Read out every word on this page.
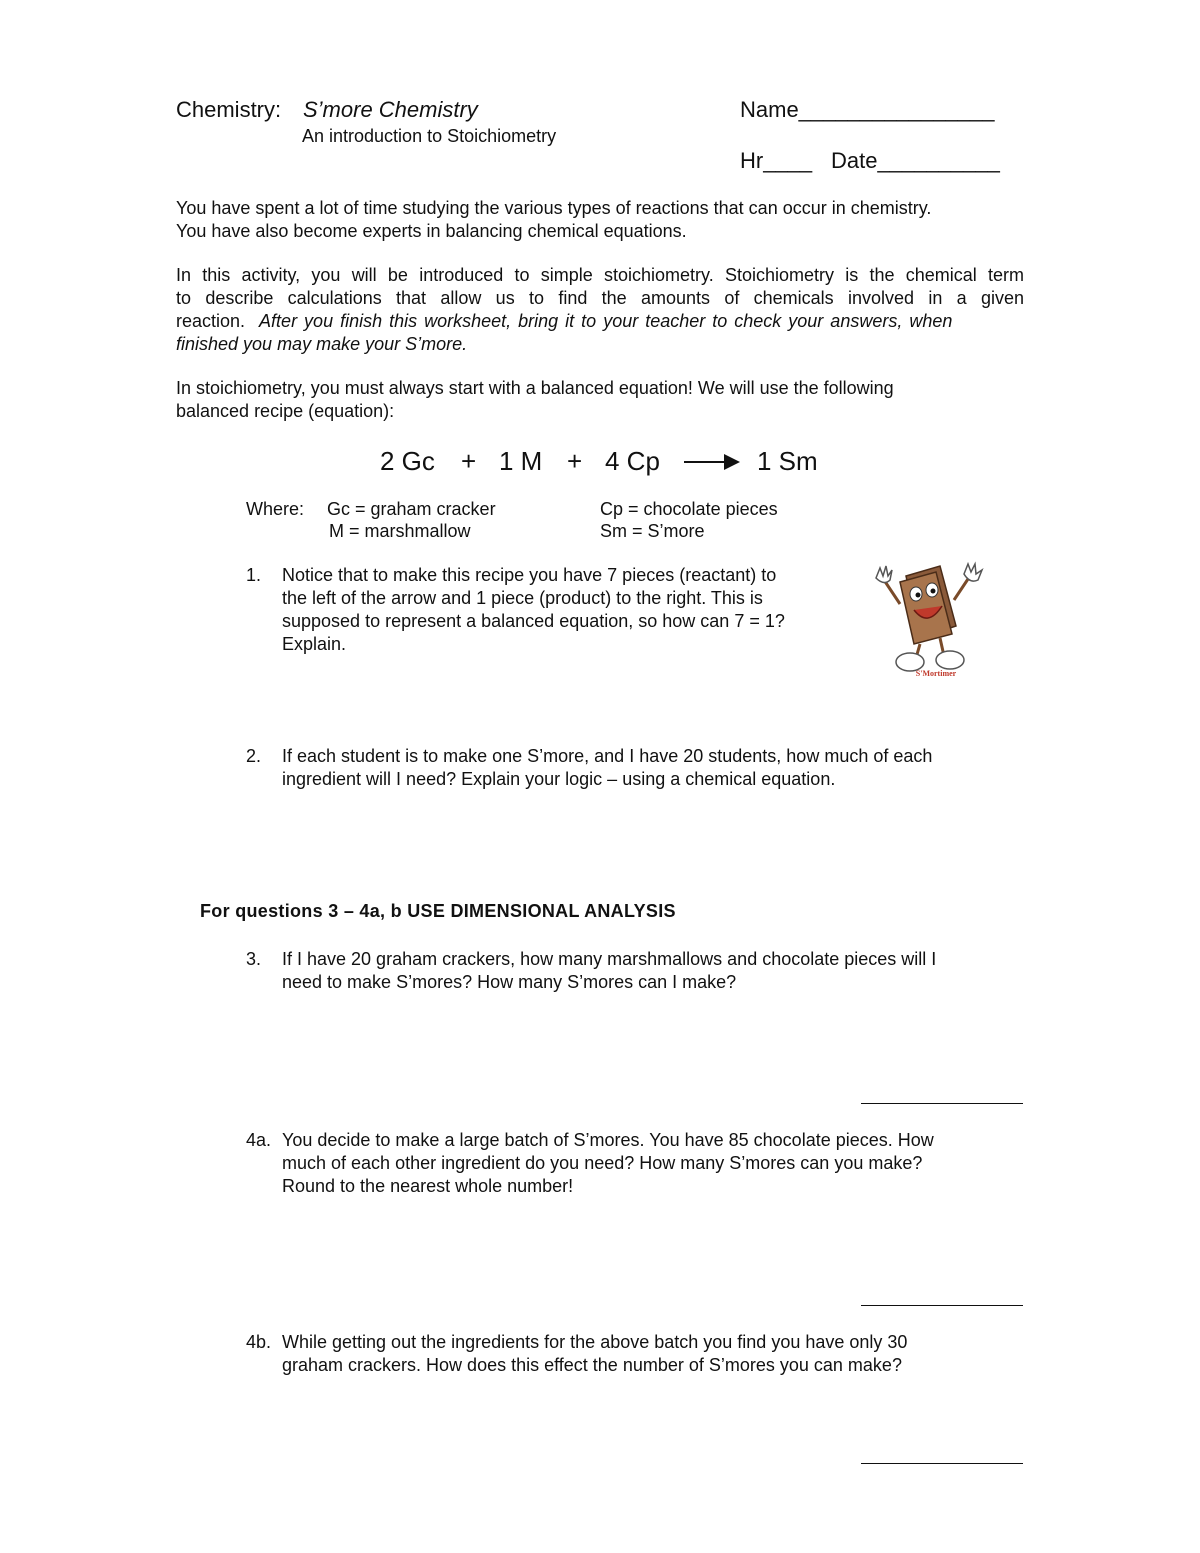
Chemistry: S’more Chemistry
An introduction to Stoichiometry
Name________________
Hr____ Date__________
You have spent a lot of time studying the various types of reactions that can occur in chemistry.
You have also become experts in balancing chemical equations.
In this activity, you will be introduced to simple stoichiometry. Stoichiometry is the chemical term
to describe calculations that allow us to find the amounts of chemicals involved in a given
reaction.  After you finish this worksheet, bring it to your teacher to check your answers, when
finished you may make your S’more.
In stoichiometry, you must always start with a balanced equation! We will use the following
balanced recipe (equation):
2 Gc + 1 M + 4 Cp → 1 Sm
Where: Gc = graham cracker
M = marshmallow
Cp = chocolate pieces
Sm = S’more
1. Notice that to make this recipe you have 7 pieces (reactant) to
the left of the arrow and 1 piece (product) to the right. This is
supposed to represent a balanced equation, so how can 7 = 1?
Explain.
S'Mortimer
2. If each student is to make one S’more, and I have 20 students, how much of each
ingredient will I need? Explain your logic – using a chemical equation.
For questions 3 – 4a, b USE DIMENSIONAL ANALYSIS
3. If I have 20 graham crackers, how many marshmallows and chocolate pieces will I
need to make S’mores? How many S’mores can I make?
4a. You decide to make a large batch of S’mores. You have 85 chocolate pieces. How
much of each other ingredient do you need? How many S’mores can you make?
Round to the nearest whole number!
4b. While getting out the ingredients for the above batch you find you have only 30
graham crackers. How does this effect the number of S’mores you can make?
